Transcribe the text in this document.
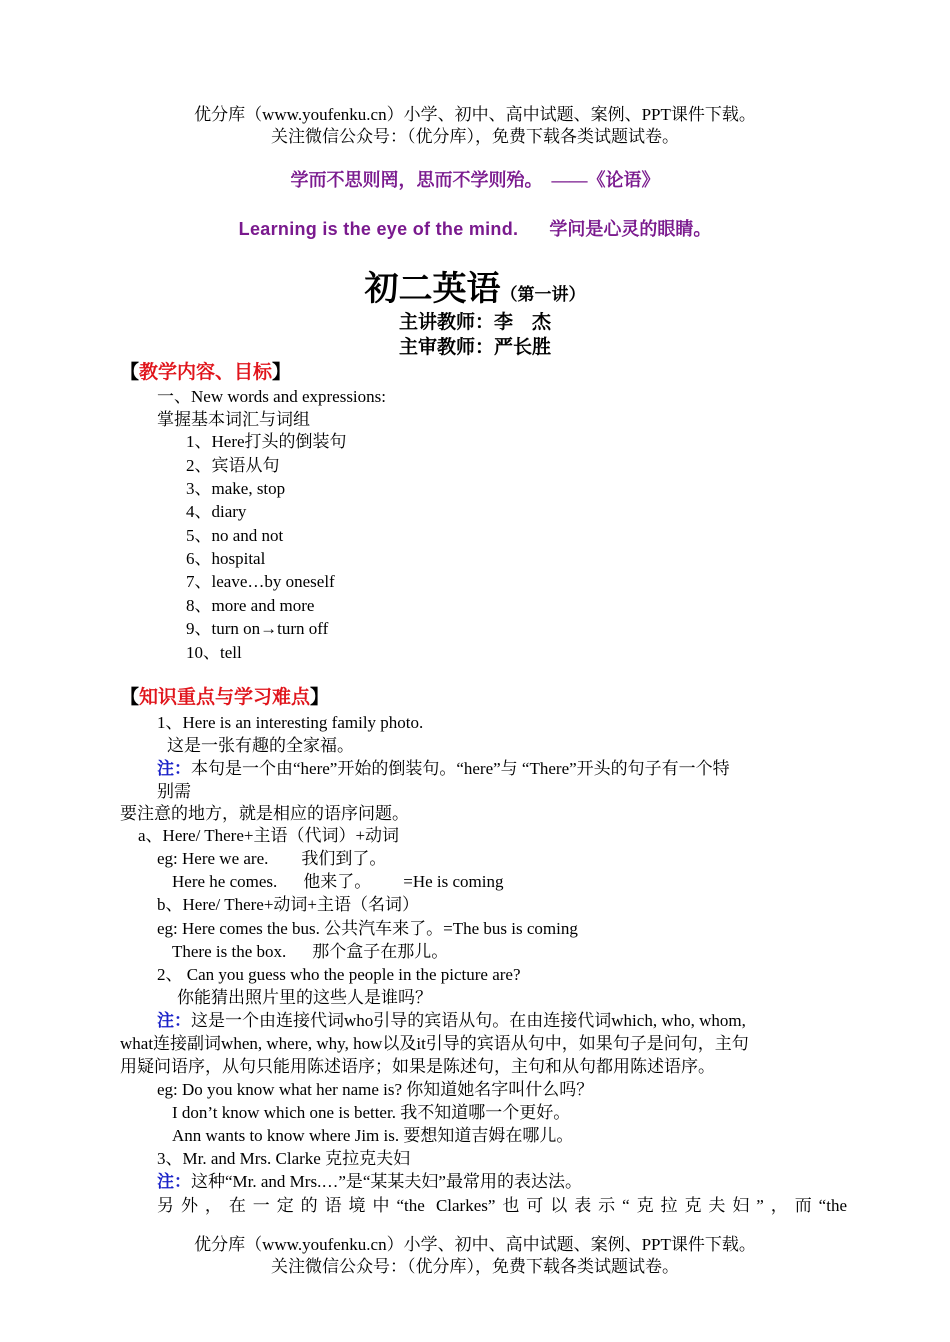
优分库（www.youfenku.cn）小学、初中、高中试题、案例、PPT课件下载。
关注微信公众号：（优分库），免费下载各类试题试卷。
学而不思则罔，思而不学则殆。　——《论语》
Learning is the eye of the mind. 学问是心灵的眼睛。
初二英语（第一讲）
主讲教师：李　杰
主审教师：严长胜
【教学内容、目标】
一、New words and expressions:
掌握基本词汇与词组
1、Here打头的倒装句
2、宾语从句
3、make, stop
4、diary
5、no and not
6、hospital
7、leave…by oneself
8、more and more
9、turn on→turn off
10、tell
【知识重点与学习难点】
1、Here is an interesting family photo.
这是一张有趣的全家福。
注：本句是一个由“here”开始的倒装句。“here”与 “There”开头的句子有一个特
别需
要注意的地方，就是相应的语序问题。
a、Here/ There+主语（代词）+动词
eg: Here we are. 我们到了。
Here he comes. 他来了。 =He is coming
b、Here/ There+动词+主语（名词）
eg: Here comes the bus. 公共汽车来了。=The bus is coming
There is the box. 那个盒子在那儿。
2、 Can you guess who the people in the picture are?
你能猜出照片里的这些人是谁吗？
注：这是一个由连接代词who引导的宾语从句。在由连接代词which, who, whom,
what连接副词when, where, why, how以及it引导的宾语从句中，如果句子是问句，主句
用疑问语序，从句只能用陈述语序；如果是陈述句，主句和从句都用陈述语序。
eg: Do you know what her name is? 你知道她名字叫什么吗？
I don’t know which one is better. 我不知道哪一个更好。
Ann wants to know where Jim is. 要想知道吉姆在哪儿。
3、Mr. and Mrs. Clarke 克拉克夫妇
注：这种“Mr. and Mrs.…”是“某某夫妇”最常用的表达法。
另外，在一定的语境中“the Clarkes”也可以表示“克拉克夫妇”，而“the
优分库（www.youfenku.cn）小学、初中、高中试题、案例、PPT课件下载。
关注微信公众号：（优分库），免费下载各类试题试卷。
